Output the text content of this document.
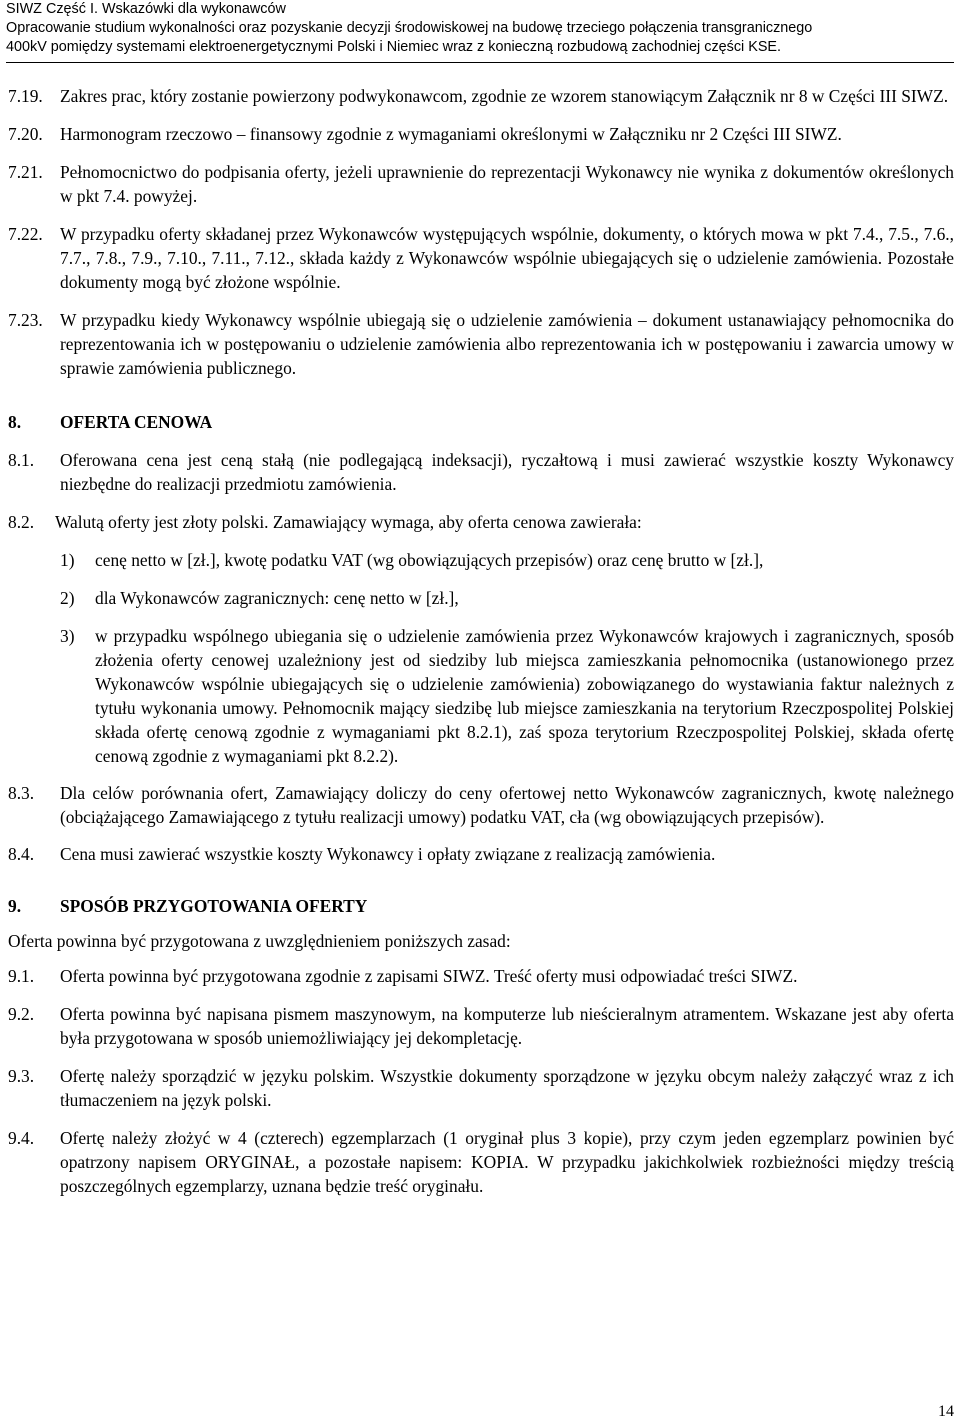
SIWZ Część I. Wskazówki dla wykonawców
Opracowanie studium wykonalności oraz pozyskanie decyzji środowiskowej na budowę trzeciego połączenia transgranicznego
400kV pomiędzy systemami elektroenergetycznymi Polski i Niemiec wraz z konieczną rozbudową zachodniej części KSE.
7.19. Zakres prac, który zostanie powierzony podwykonawcom, zgodnie ze wzorem stanowiącym Załącznik nr 8 w Części III SIWZ.
7.20. Harmonogram rzeczowo – finansowy zgodnie z wymaganiami określonymi w Załączniku nr 2 Części III SIWZ.
7.21. Pełnomocnictwo do podpisania oferty, jeżeli uprawnienie do reprezentacji Wykonawcy nie wynika z dokumentów określonych w pkt 7.4. powyżej.
7.22. W przypadku oferty składanej przez Wykonawców występujących wspólnie, dokumenty, o których mowa w pkt 7.4., 7.5., 7.6., 7.7., 7.8., 7.9., 7.10., 7.11., 7.12., składa każdy z Wykonawców wspólnie ubiegających się o udzielenie zamówienia. Pozostałe dokumenty mogą być złożone wspólnie.
7.23. W przypadku kiedy Wykonawcy wspólnie ubiegają się o udzielenie zamówienia – dokument ustanawiający pełnomocnika do reprezentowania ich w postępowaniu o udzielenie zamówienia albo reprezentowania ich w postępowaniu i zawarcia umowy w sprawie zamówienia publicznego.
8.	OFERTA CENOWA
8.1.	Oferowana cena jest ceną stałą (nie podlegającą indeksacji), ryczałtową i musi zawierać wszystkie koszty Wykonawcy niezbędne do realizacji przedmiotu zamówienia.
8.2.	Walutą oferty jest złoty polski. Zamawiający wymaga, aby oferta cenowa zawierała:
1)	cenę netto w [zł.], kwotę podatku VAT (wg obowiązujących przepisów) oraz cenę brutto w [zł.],
2)	dla Wykonawców zagranicznych: cenę netto w [zł.],
3)	w przypadku wspólnego ubiegania się o udzielenie zamówienia przez Wykonawców krajowych i zagranicznych, sposób złożenia oferty cenowej uzależniony jest od siedziby lub miejsca zamieszkania pełnomocnika (ustanowionego przez Wykonawców wspólnie ubiegających się o udzielenie zamówienia) zobowiązanego do wystawiania faktur należnych z tytułu wykonania umowy. Pełnomocnik mający siedzibę lub miejsce zamieszkania na terytorium Rzeczpospolitej Polskiej składa ofertę cenową zgodnie z wymaganiami pkt 8.2.1), zaś spoza terytorium Rzeczpospolitej Polskiej, składa ofertę cenową zgodnie z wymaganiami pkt 8.2.2).
8.3.	Dla celów porównania ofert, Zamawiający doliczy do ceny ofertowej netto Wykonawców zagranicznych, kwotę należnego (obciążającego Zamawiającego z tytułu realizacji umowy) podatku VAT, cła (wg obowiązujących przepisów).
8.4.	Cena musi zawierać wszystkie koszty Wykonawcy i opłaty związane z realizacją zamówienia.
9.	SPOSÓB PRZYGOTOWANIA OFERTY
Oferta powinna być przygotowana z uwzględnieniem poniższych zasad:
9.1.	Oferta powinna być przygotowana zgodnie z zapisami SIWZ. Treść oferty musi odpowiadać treści SIWZ.
9.2.	Oferta powinna być napisana pismem maszynowym, na komputerze lub nieścieralnym atramentem. Wskazane jest aby oferta była przygotowana w sposób uniemożliwiający jej dekompletację.
9.3.	Ofertę należy sporządzić w języku polskim. Wszystkie dokumenty sporządzone w języku obcym należy załączyć wraz z ich tłumaczeniem na język polski.
9.4.	Ofertę należy złożyć w 4 (czterech) egzemplarzach (1 oryginał plus 3 kopie), przy czym jeden egzemplarz powinien być opatrzony napisem ORYGINAŁ, a pozostałe napisem: KOPIA. W przypadku jakichkolwiek rozbieżności między treścią poszczególnych egzemplarzy, uznana będzie treść oryginału.
14
